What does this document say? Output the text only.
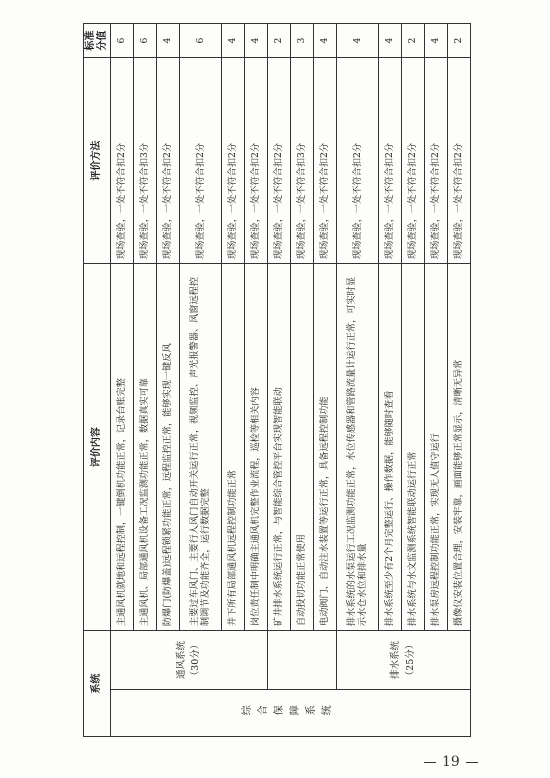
系统		评价内容	评价方法	标准分值
综合保障系统	通风系统（30分）	主通风机就地和远程控制，一键倒机功能正常，记录台账完整	现场查验，一处不符合扣2分	6
		主通风机、局部通风机设备工况监测功能正常，数据真实可靠	现场查验，一处不符合扣3分	6
		防爆门(防爆盖)远程锁紧功能正常，远程监控正常，能够实现一键反风	现场查验，一处不符合扣2分	4
		主要过车风门、主要行人风门自动开关运行正常，视频监控、声光报警器、风窗远程控制调节及功能齐全，运行数据完整	现场查验，一处不符合扣2分	6
		井下所有局部通风机远程控制功能正常	现场查验，一处不符合扣2分	4
		岗位责任制中明确主通风机完整作业流程，巡检等相关内容	现场查验，一处不符合扣2分	4
		矿井排水系统运行正常，与智能综合管控平台实现智能联动	现场查验，一处不符合扣2分	2
		自动投切功能正常使用	现场查验，一处不符合扣3分	3
		电动阀门、自动注水装置等运行正常，具备远程控制功能	现场查验，一处不符合扣2分	4
	排水系统（25分）	排水系统的水泵运行工况监测功能正常，水位传感器和管路流量计运行正常，可实时显示水仓水位和排水量	现场查验，一处不符合扣2分	4
		排水系统至少有2个月完整运行、操作数据，能够随时查看	现场查验，一处不符合扣2分	4
		排水系统与水文监测系统智能联动运行正常	现场查验，一处不符合扣2分	2
		排水泵房远程控制功能正常，实现无人值守运行	现场查验，一处不符合扣2分	4
		摄像仪安装位置合理，安装牢靠，画面能够正常显示，清晰无异常	现场查验，一处不符合扣2分	2
19
